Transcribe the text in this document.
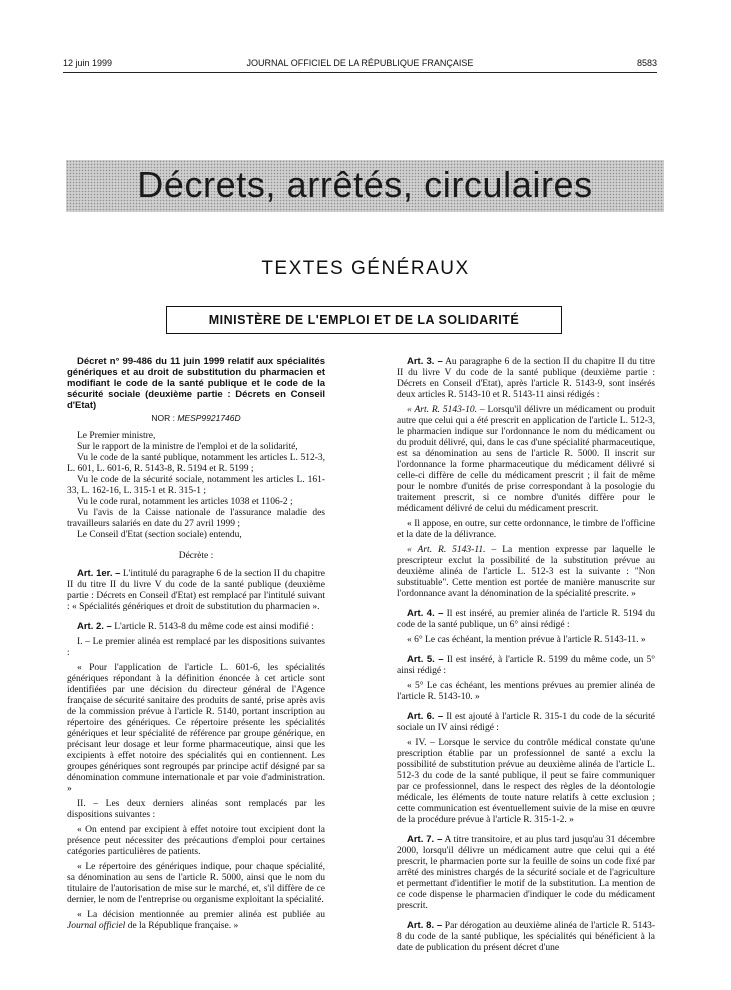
12 juin 1999	JOURNAL OFFICIEL DE LA RÉPUBLIQUE FRANÇAISE	8583
Décrets, arrêtés, circulaires
TEXTES GÉNÉRAUX
MINISTÈRE DE L'EMPLOI ET DE LA SOLIDARITÉ

Décret n° 99-486 du 11 juin 1999 relatif aux spécialités génériques et au droit de substitution du pharmacien et modifiant le code de la santé publique et le code de la sécurité sociale (deuxième partie : Décrets en Conseil d'Etat)

NOR : MESP9921746D

Le Premier ministre,

Sur le rapport de la ministre de l'emploi et de la solidarité,

Vu le code de la santé publique, notamment les articles L. 512-3, L. 601, L. 601-6, R. 5143-8, R. 5194 et R. 5199 ;

Vu le code de la sécurité sociale, notamment les articles L. 161-33, L. 162-16, L. 315-1 et R. 315-1 ;

Vu le code rural, notamment les articles 1038 et 1106-2 ;

Vu l'avis de la Caisse nationale de l'assurance maladie des travailleurs salariés en date du 27 avril 1999 ;

Le Conseil d'Etat (section sociale) entendu,

Décrète :

Art. 1er. – L'intitulé du paragraphe 6 de la section II du chapitre II du titre II du livre V du code de la santé publique (deuxième partie : Décrets en Conseil d'Etat) est remplacé par l'intitulé suivant : « Spécialités génériques et droit de substitution du pharmacien ».

Art. 2. – L'article R. 5143-8 du même code est ainsi modifié :

I. – Le premier alinéa est remplacé par les dispositions suivantes :

« Pour l'application de l'article L. 601-6, les spécialités génériques répondant à la définition énoncée à cet article sont identifiées par une décision du directeur général de l'Agence française de sécurité sanitaire des produits de santé, prise après avis de la commission prévue à l'article R. 5140, portant inscription au répertoire des génériques. Ce répertoire présente les spécialités génériques et leur spécialité de référence par groupe générique, en précisant leur dosage et leur forme pharmaceutique, ainsi que les excipients à effet notoire des spécialités qui en contiennent. Les groupes génériques sont regroupés par principe actif désigné par sa dénomination commune internationale et par voie d'administration. »

II. – Les deux derniers alinéas sont remplacés par les dispositions suivantes :

« On entend par excipient à effet notoire tout excipient dont la présence peut nécessiter des précautions d'emploi pour certaines catégories particulières de patients.

« Le répertoire des génériques indique, pour chaque spécialité, sa dénomination au sens de l'article R. 5000, ainsi que le nom du titulaire de l'autorisation de mise sur le marché, et, s'il diffère de ce dernier, le nom de l'entreprise ou organisme exploitant la spécialité.

« La décision mentionnée au premier alinéa est publiée au Journal officiel de la République française. »

Art. 3. – Au paragraphe 6 de la section II du chapitre II du titre II du livre V du code de la santé publique (deuxième partie : Décrets en Conseil d'Etat), après l'article R. 5143-9, sont insérés deux articles R. 5143-10 et R. 5143-11 ainsi rédigés :

« Art. R. 5143-10. – Lorsqu'il délivre un médicament ou produit autre que celui qui a été prescrit en application de l'article L. 512-3, le pharmacien indique sur l'ordonnance le nom du médicament ou du produit délivré, qui, dans le cas d'une spécialité pharmaceutique, est sa dénomination au sens de l'article R. 5000. Il inscrit sur l'ordonnance la forme pharmaceutique du médicament délivré si celle-ci diffère de celle du médicament prescrit ; il fait de même pour le nombre d'unités de prise correspondant à la posologie du traitement prescrit, si ce nombre d'unités diffère pour le médicament délivré de celui du médicament prescrit.

« Il appose, en outre, sur cette ordonnance, le timbre de l'officine et la date de la délivrance.

« Art. R. 5143-11. – La mention expresse par laquelle le prescripteur exclut la possibilité de la substitution prévue au deuxième alinéa de l'article L. 512-3 est la suivante : "Non substituable". Cette mention est portée de manière manuscrite sur l'ordonnance avant la dénomination de la spécialité prescrite. »

Art. 4. – Il est inséré, au premier alinéa de l'article R. 5194 du code de la santé publique, un 6° ainsi rédigé :

« 6° Le cas échéant, la mention prévue à l'article R. 5143-11. »

Art. 5. – Il est inséré, à l'article R. 5199 du même code, un 5° ainsi rédigé :

« 5° Le cas échéant, les mentions prévues au premier alinéa de l'article R. 5143-10. »

Art. 6. – Il est ajouté à l'article R. 315-1 du code de la sécurité sociale un IV ainsi rédigé :

« IV. – Lorsque le service du contrôle médical constate qu'une prescription établie par un professionnel de santé a exclu la possibilité de substitution prévue au deuxième alinéa de l'article L. 512-3 du code de la santé publique, il peut se faire communiquer par ce professionnel, dans le respect des règles de la déontologie médicale, les éléments de toute nature relatifs à cette exclusion ; cette communication est éventuellement suivie de la mise en œuvre de la procédure prévue à l'article R. 315-1-2. »

Art. 7. – A titre transitoire, et au plus tard jusqu'au 31 décembre 2000, lorsqu'il délivre un médicament autre que celui qui a été prescrit, le pharmacien porte sur la feuille de soins un code fixé par arrêté des ministres chargés de la sécurité sociale et de l'agriculture et permettant d'identifier le motif de la substitution. La mention de ce code dispense le pharmacien d'indiquer le code du médicament prescrit.

Art. 8. – Par dérogation au deuxième alinéa de l'article R. 5143-8 du code de la santé publique, les spécialités qui bénéficient à la date de publication du présent décret d'une
